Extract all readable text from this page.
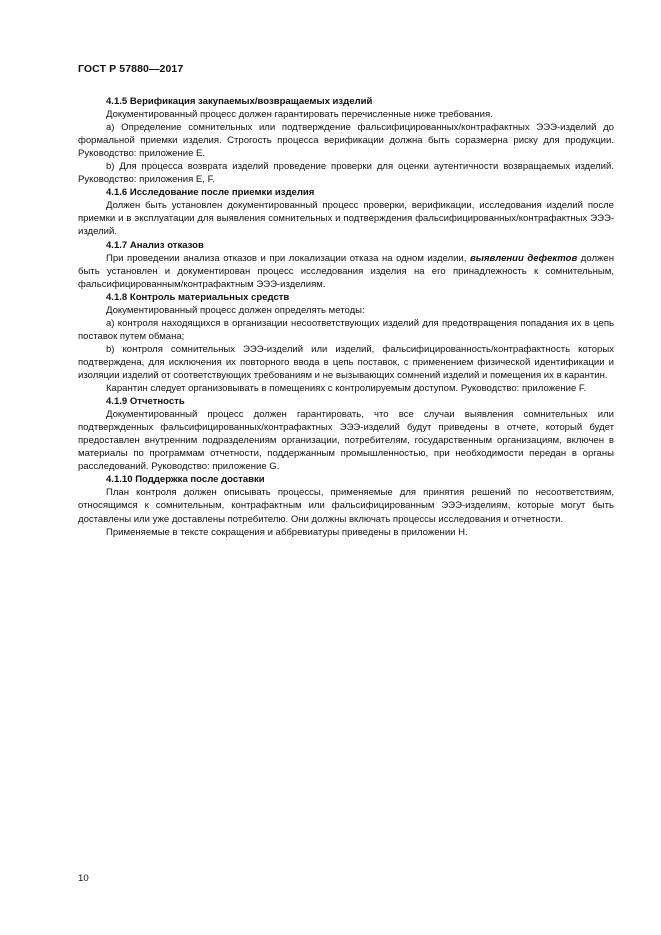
ГОСТ Р 57880—2017
4.1.5 Верификация закупаемых/возвращаемых изделий

Документированный процесс должен гарантировать перечисленные ниже требования.

a) Определение сомнительных или подтверждение фальсифицированных/контрафактных ЭЭЭ-изделий до формальной приемки изделия. Строгость процесса верификации должна быть соразмерна риску для продукции. Руководство: приложение Е.

b) Для процесса возврата изделий проведение проверки для оценки аутентичности возвращаемых изделий. Руководство: приложения Е, F.

4.1.6 Исследование после приемки изделия

Должен быть установлен документированный процесс проверки, верификации, исследования изделий после приемки и в эксплуатации для выявления сомнительных и подтверждения фальсифицированных/контрафактных ЭЭЭ-изделий.

4.1.7 Анализ отказов

При проведении анализа отказов и при локализации отказа на одном изделии, выявлении дефектов должен быть установлен и документирован процесс исследования изделия на его принадлежность к сомнительным, фальсифицированным/контрафактным ЭЭЭ-изделиям.

4.1.8 Контроль материальных средств

Документированный процесс должен определять методы:

a) контроля находящихся в организации несоответствующих изделий для предотвращения попадания их в цепь поставок путем обмана;

b) контроля сомнительных ЭЭЭ-изделий или изделий, фальсифицированность/контрафактность которых подтверждена, для исключения их повторного ввода в цепь поставок, с применением физической идентификации и изоляции изделий от соответствующих требованиям и не вызывающих сомнений изделий и помещения их в карантин.

Карантин следует организовывать в помещениях с контролируемым доступом. Руководство: приложение F.

4.1.9 Отчетность

Документированный процесс должен гарантировать, что все случаи выявления сомнительных или подтвержденных фальсифицированных/контрафактных ЭЭЭ-изделий будут приведены в отчете, который будет предоставлен внутренним подразделениям организации, потребителям, государственным организациям, включен в материалы по программам отчетности, поддержанным промышленностью, при необходимости передан в органы расследований. Руководство: приложение G.

4.1.10 Поддержка после доставки

План контроля должен описывать процессы, применяемые для принятия решений по несоответствиям, относящимся к сомнительным, контрафактным или фальсифицированным ЭЭЭ-изделиям, которые могут быть доставлены или уже доставлены потребителю. Они должны включать процессы исследования и отчетности.

Применяемые в тексте сокращения и аббревиатуры приведены в приложении Н.

10
